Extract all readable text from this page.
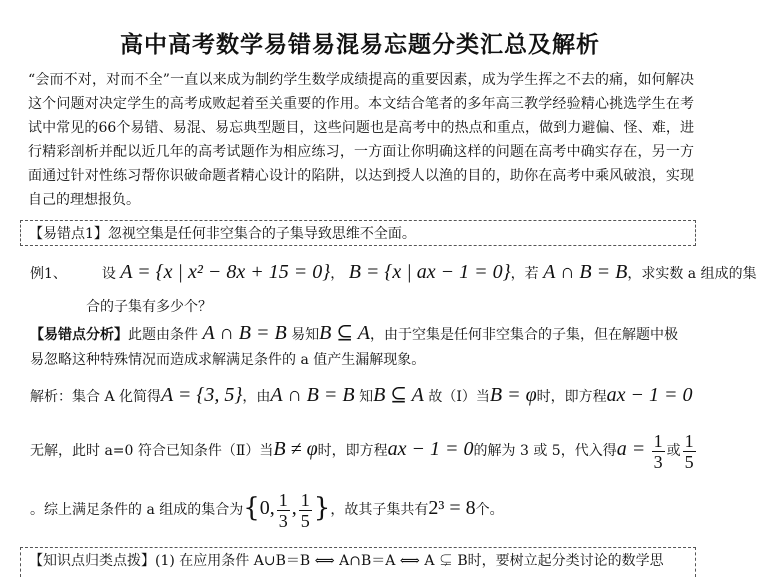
高中高考数学易错易混易忘题分类汇总及解析
“会而不对，对而不全”一直以来成为制约学生数学成绩提高的重要因素，成为学生挥之不去的痛，如何解决这个问题对决定学生的高考成败起着至关重要的作用。本文结合笔者的多年高三教学经验精心挑选学生在考试中常见的66个易错、易混、易忘典型题目，这些问题也是高考中的热点和重点，做到力避偏、怪、难，进行精彩剖析并配以近几年的高考试题作为相应练习，一方面让你明确这样的问题在高考中确实存在，另一方面通过针对性练习帮你识破命题者精心设计的陷阱，以达到授人以渔的目的，助你在高考中乘风破浪，实现自己的理想报负。
【易错点1】忽视空集是任何非空集合的子集导致思维不全面。
例1、 设 A = {x | x² − 8x + 15 = 0}， B = {x | ax − 1 = 0}，若 A ∩ B = B，求实数 a 组成的集
合的子集有多少个？
【易错点分析】此题由条件 A ∩ B = B 易知B ⊆ A，由于空集是任何非空集合的子集，但在解题中极
易忽略这种特殊情况而造成求解满足条件的 a 值产生漏解现象。
解析：集合 A 化简得A = {3, 5}，由A ∩ B = B 知B ⊆ A 故（Ⅰ）当B = φ时，即方程ax − 1 = 0
无解，此时 a=0 符合已知条件（Ⅱ）当B ≠ φ时，即方程ax − 1 = 0的解为 3 或 5，代入得$a = \frac{1}{3}$ 或 $\frac{1}{5}$
。综上满足条件的 a 组成的集合为{0, $\frac{1}{3}$ , $\frac{1}{5}$ }，故其子集共有2³ = 8个。
【知识点归类点拨】(1) 在应用条件 A∪B＝B ⟺ A∩B＝A ⟺ A ⊊ B时，要树立起分类讨论的数学思
